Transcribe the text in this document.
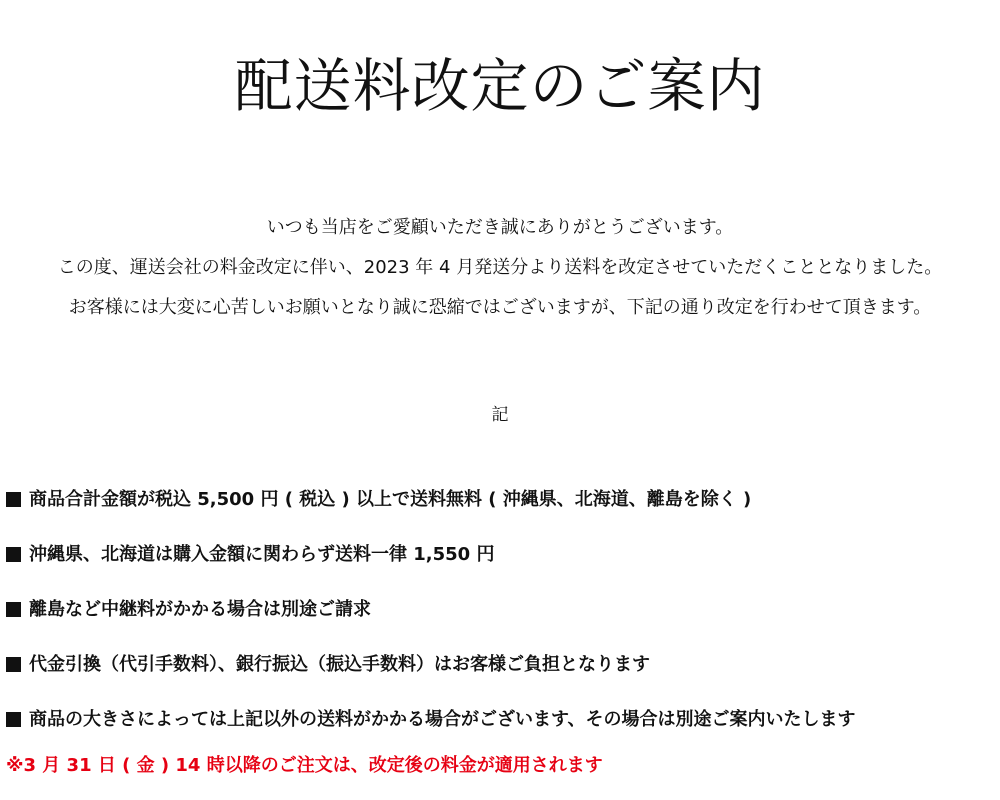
配送料改定のご案内

いつも当店をご愛顧いただき誠にありがとうございます。

この度、運送会社の料金改定に伴い、2023 年 4 月発送分より送料を改定させていただくこととなりました。

お客様には大変に心苦しいお願いとなり誠に恐縮ではございますが、下記の通り改定を行わせて頂きます。

記
商品合計金額が税込 5,500 円 ( 税込 ) 以上で送料無料 ( 沖縄県、北海道、離島を除く )
沖縄県、北海道は購入金額に関わらず送料一律 1,550 円
離島など中継料がかかる場合は別途ご請求
代金引換（代引手数料）、銀行振込（振込手数料）はお客様ご負担となります
商品の大きさによっては上記以外の送料がかかる場合がございます、その場合は別途ご案内いたします

※3 月 31 日 ( 金 ) 14 時以降のご注文は、改定後の料金が適用されます
